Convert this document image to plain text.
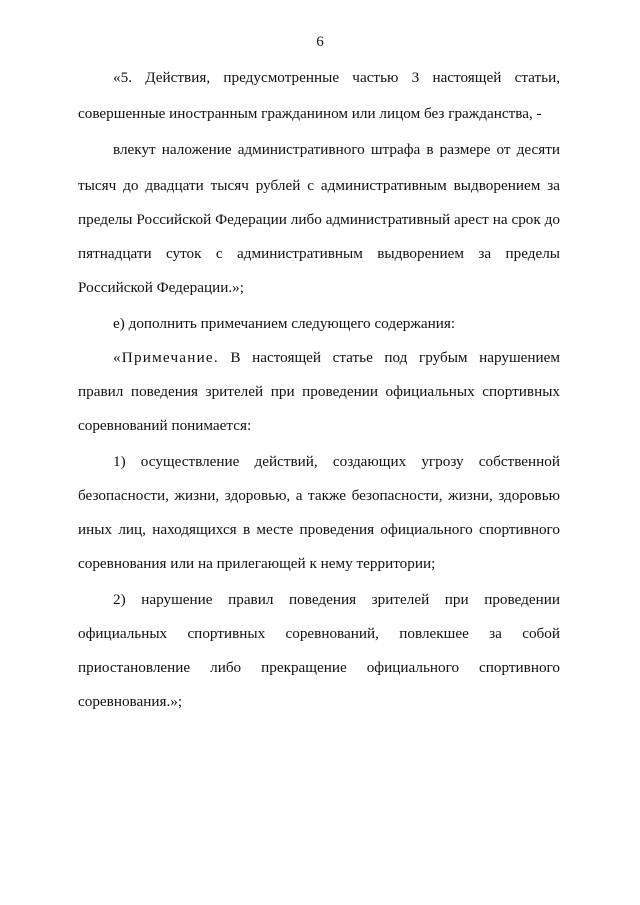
6
«5. Действия, предусмотренные частью 3 настоящей статьи,
совершенные иностранным гражданином или лицом без гражданства, -
влекут наложение административного штрафа в размере от десяти
тысяч до двадцати тысяч рублей с административным выдворением за
пределы Российской Федерации либо административный арест на срок до
пятнадцати суток с административным выдворением за пределы
Российской Федерации.»;
е) дополнить примечанием следующего содержания:
«Примечание. В настоящей статье под грубым нарушением
правил поведения зрителей при проведении официальных спортивных
соревнований понимается:
1) осуществление действий, создающих угрозу собственной
безопасности, жизни, здоровью, а также безопасности, жизни, здоровью
иных лиц, находящихся в месте проведения официального спортивного
соревнования или на прилегающей к нему территории;
2) нарушение правил поведения зрителей при проведении
официальных спортивных соревнований, повлекшее за собой
приостановление либо прекращение официального спортивного
соревнования.»;
